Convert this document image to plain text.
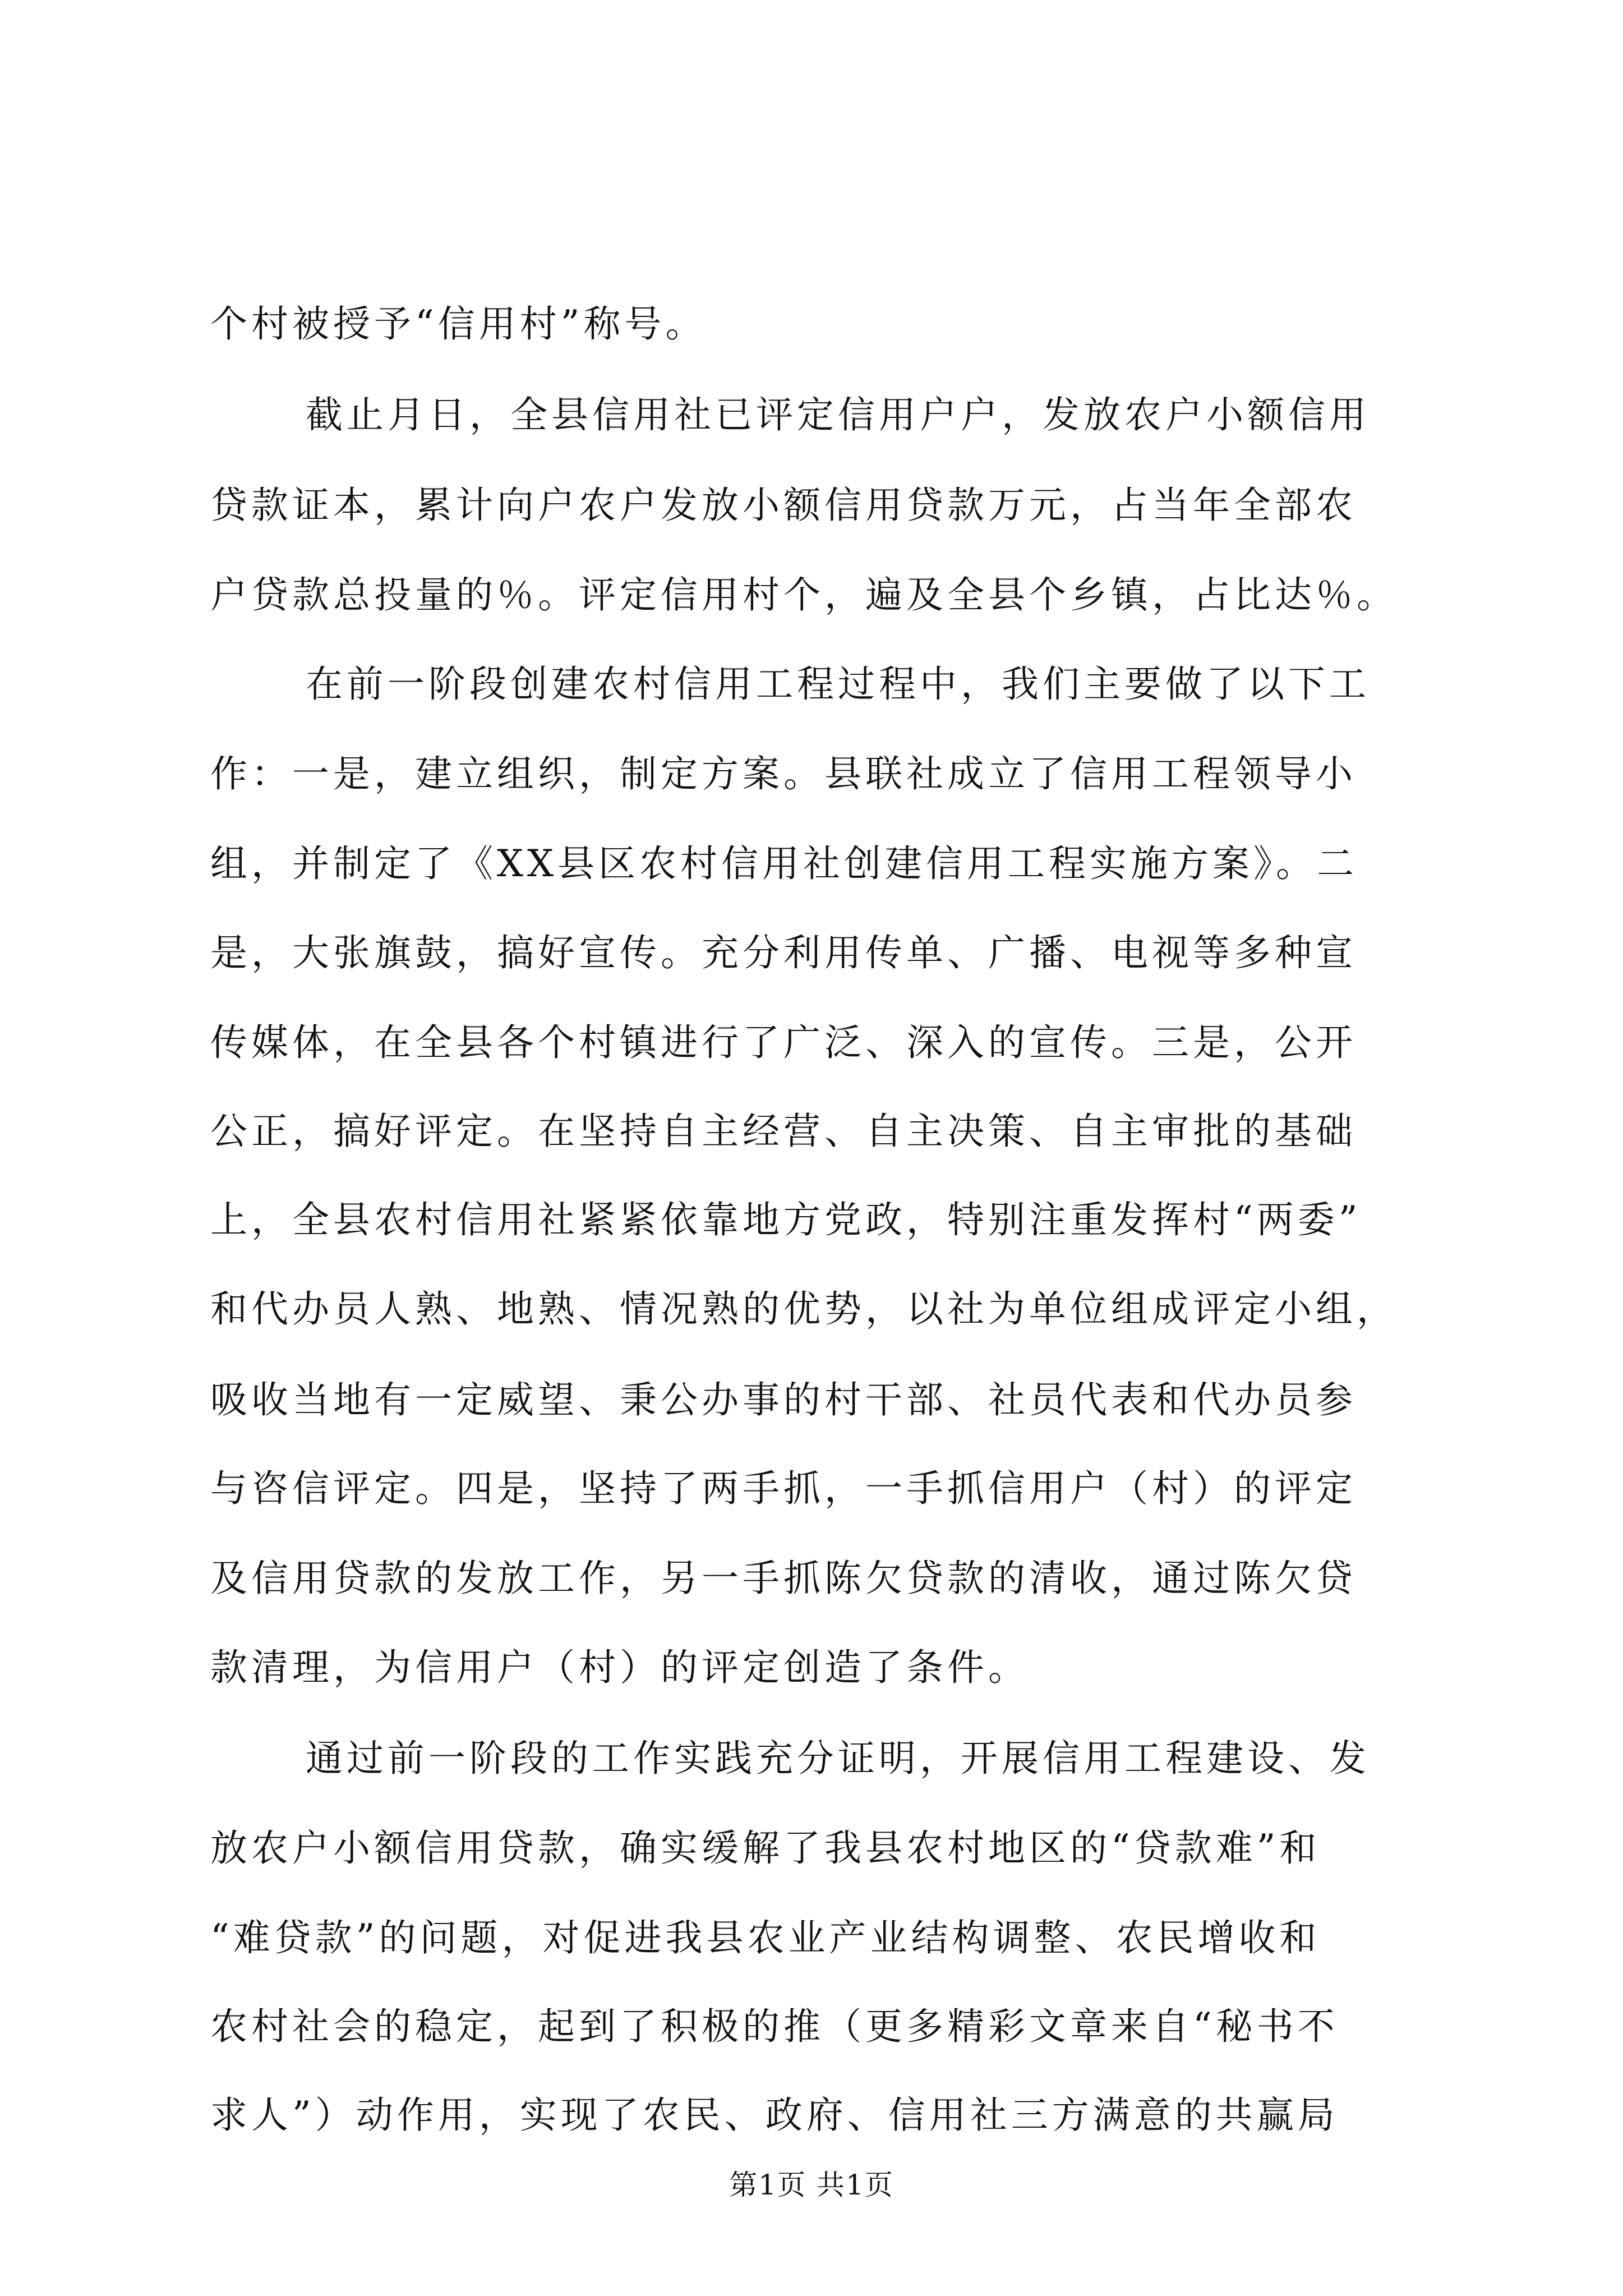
个村被授予“信用村”称号。

截止月日，全县信用社已评定信用户户，发放农户小额信用

贷款证本，累计向户农户发放小额信用贷款万元，占当年全部农

户贷款总投量的％。评定信用村个，遍及全县个乡镇，占比达％。

在前一阶段创建农村信用工程过程中，我们主要做了以下工

作：一是，建立组织，制定方案。县联社成立了信用工程领导小

组，并制定了《XX县区农村信用社创建信用工程实施方案》。二

是，大张旗鼓，搞好宣传。充分利用传单、广播、电视等多种宣

传媒体，在全县各个村镇进行了广泛、深入的宣传。三是，公开

公正，搞好评定。在坚持自主经营、自主决策、自主审批的基础

上，全县农村信用社紧紧依靠地方党政，特别注重发挥村“两委”

和代办员人熟、地熟、情况熟的优势，以社为单位组成评定小组，

吸收当地有一定威望、秉公办事的村干部、社员代表和代办员参

与咨信评定。四是，坚持了两手抓，一手抓信用户（村）的评定

及信用贷款的发放工作，另一手抓陈欠贷款的清收，通过陈欠贷

款清理，为信用户（村）的评定创造了条件。

通过前一阶段的工作实践充分证明，开展信用工程建设、发

放农户小额信用贷款，确实缓解了我县农村地区的“贷款难”和

“难贷款”的问题，对促进我县农业产业结构调整、农民增收和

农村社会的稳定，起到了积极的推（更多精彩文章来自“秘书不

求人”）动作用，实现了农民、政府、信用社三方满意的共赢局

第1页 共1页
